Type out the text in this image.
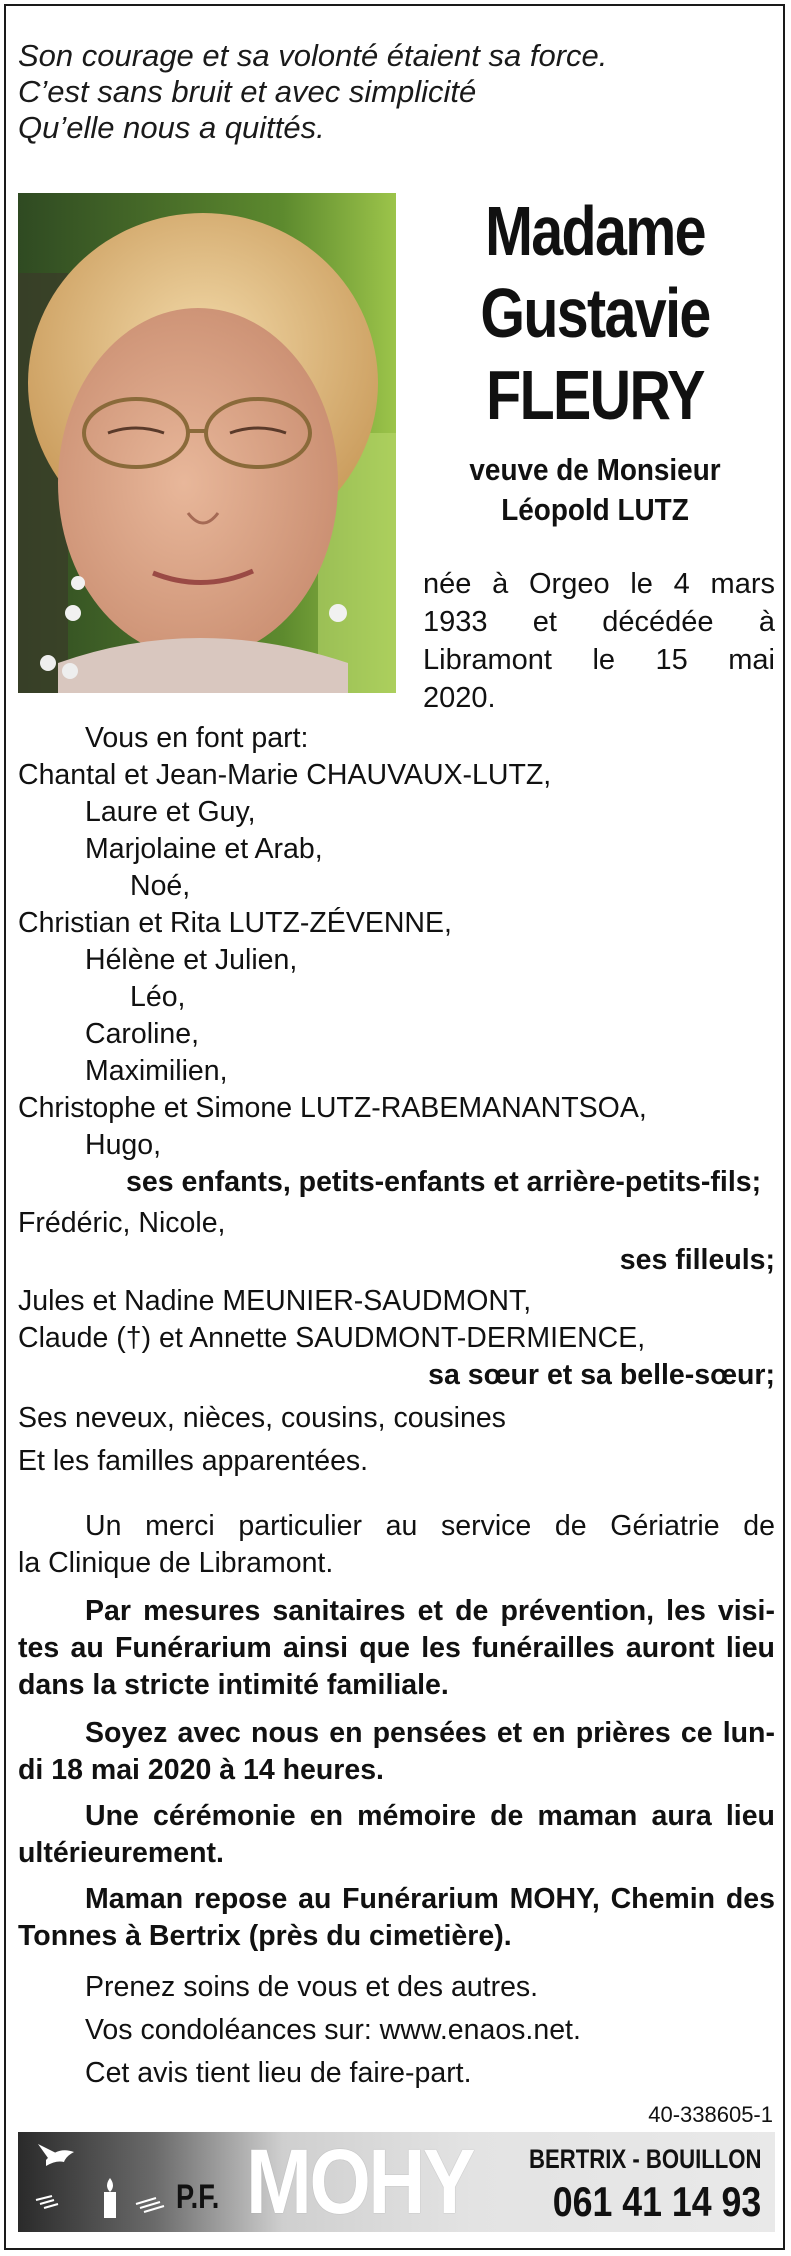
Son courage et sa volonté étaient sa force.
C’est sans bruit et avec simplicité
Qu’elle nous a quittés.
Madame
Gustavie
FLEURY
veuve de Monsieur
Léopold LUTZ
née à Orgeo le 4 mars
1933 et décédée à
Libramont le 15 mai
2020.
Vous en font part:
Chantal et Jean-Marie CHAUVAUX-LUTZ,
Laure et Guy,
Marjolaine et Arab,
Noé,
Christian et Rita LUTZ-ZÉVENNE,
Hélène et Julien,
Léo,
Caroline,
Maximilien,
Christophe et Simone LUTZ-RABEMANANTSOA,
Hugo,
ses enfants, petits-enfants et arrière-petits-fils;
Frédéric, Nicole,
ses filleuls;
Jules et Nadine MEUNIER-SAUDMONT,
Claude (†) et Annette SAUDMONT-DERMIENCE,
sa sœur et sa belle-sœur;
Ses neveux, nièces, cousins, cousines
Et les familles apparentées.
Un merci particulier au service de Gériatrie de
la Clinique de Libramont.
Par mesures sanitaires et de prévention, les visi-
tes au Funérarium ainsi que les funérailles auront lieu
dans la stricte intimité familiale.
Soyez avec nous en pensées et en prières ce lun-
di 18 mai 2020 à 14 heures.
Une cérémonie en mémoire de maman aura lieu
ultérieurement.
Maman repose au Funérarium MOHY, Chemin des
Tonnes à Bertrix (près du cimetière).
Prenez soins de vous et des autres.
Vos condoléances sur: www.enaos.net.
Cet avis tient lieu de faire-part.
40-338605-1
P.F. MOHY BERTRIX - BOUILLON
061 41 14 93
